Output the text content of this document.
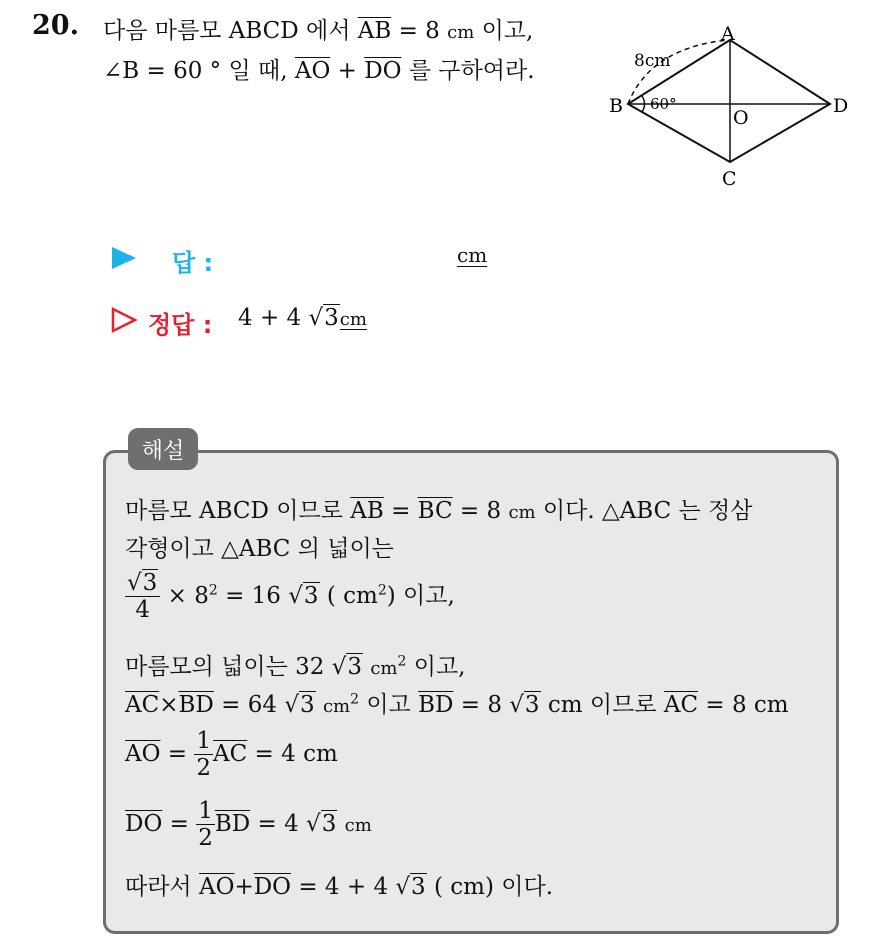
20. 다음 마름모 ABCD 에서 $\overline{AB} = 8$ cm 이고,
∠B = 60 ° 일 때, $\overline{AO} + \overline{DO}$ 를 구하여라.
A
B
C
D
O
8cm
60°
답 :	cm
정답 : 4 + 4 √3cm
해설
마름모 ABCD 이므로 $\overline{AB} = \overline{BC} = 8$ cm 이다. △ABC 는 정삼
각형이고 △ABC 의 넓이는
$\frac{√3}{4} \times 8^2 = 16$ √3 ( $cm^2$) 이고,
마름모의 넓이는 32 √3 $cm^2$ 이고,
$\overline{AC}\times\overline{BD} = 64$ √3 $cm^2$ 이고 $\overline{BD} = 8$ √3 cm 이므로 $\overline{AC} = 8$ cm
$\overline{AO} = \frac{1}{2} \overline{AC} = 4$ cm
$\overline{DO} = \frac{1}{2} \overline{BD} = 4$ √3 cm
따라서 $\overline{AO}+\overline{DO} = 4 + 4$ √3 ( cm) 이다.
